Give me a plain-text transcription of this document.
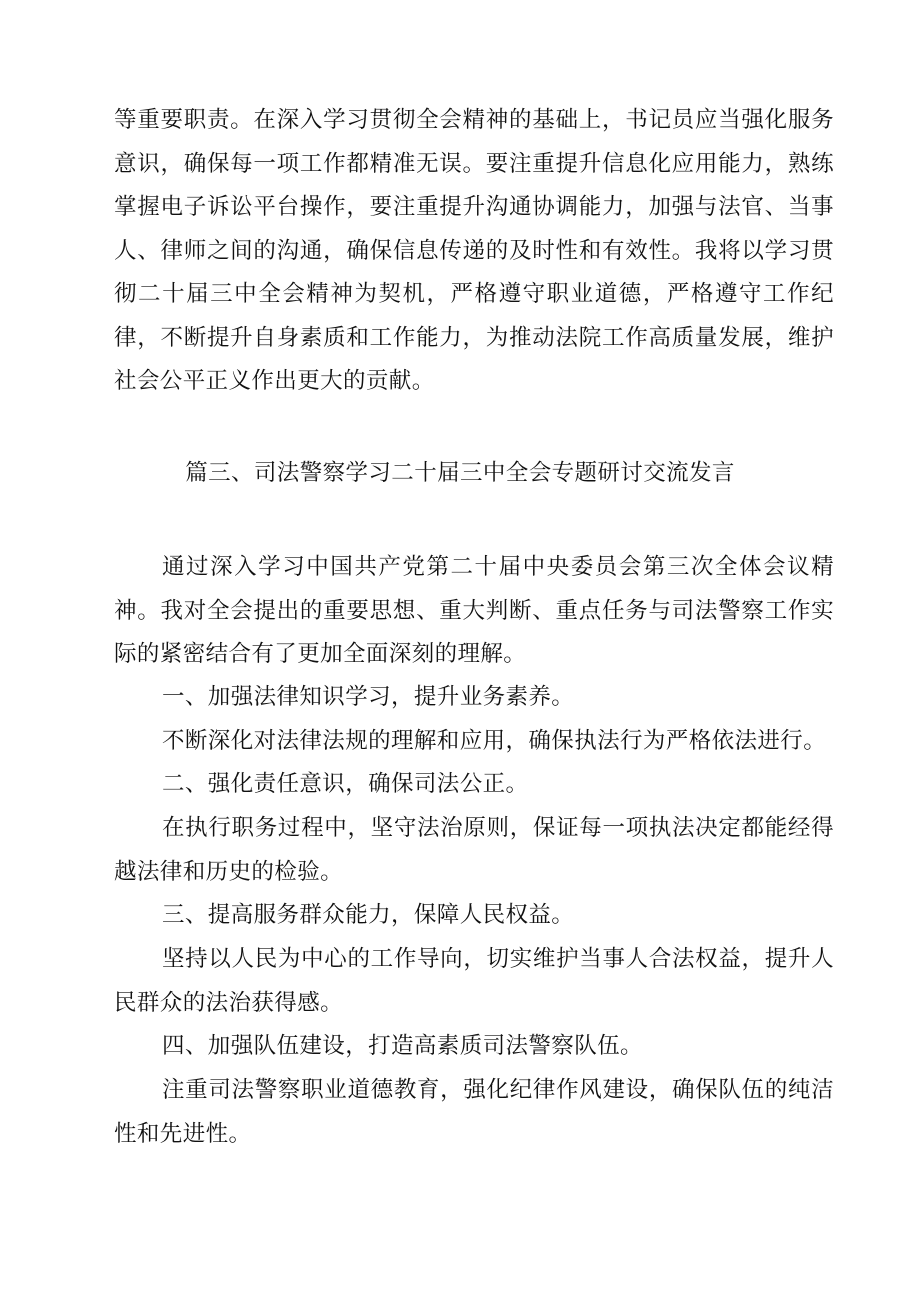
等重要职责。在深入学习贯彻全会精神的基础上，书记员应当强化服务意识，确保每一项工作都精准无误。要注重提升信息化应用能力，熟练掌握电子诉讼平台操作，要注重提升沟通协调能力，加强与法官、当事人、律师之间的沟通，确保信息传递的及时性和有效性。我将以学习贯彻二十届三中全会精神为契机，严格遵守职业道德，严格遵守工作纪律，不断提升自身素质和工作能力，为推动法院工作高质量发展，维护社会公平正义作出更大的贡献。

篇三、司法警察学习二十届三中全会专题研讨交流发言

通过深入学习中国共产党第二十届中央委员会第三次全体会议精神。我对全会提出的重要思想、重大判断、重点任务与司法警察工作实际的紧密结合有了更加全面深刻的理解。

一、加强法律知识学习，提升业务素养。

不断深化对法律法规的理解和应用，确保执法行为严格依法进行。

二、强化责任意识，确保司法公正。

在执行职务过程中，坚守法治原则，保证每一项执法决定都能经得越法律和历史的检验。

三、提高服务群众能力，保障人民权益。

坚持以人民为中心的工作导向，切实维护当事人合法权益，提升人民群众的法治获得感。

四、加强队伍建设，打造高素质司法警察队伍。

注重司法警察职业道德教育，强化纪律作风建设，确保队伍的纯洁性和先进性。
